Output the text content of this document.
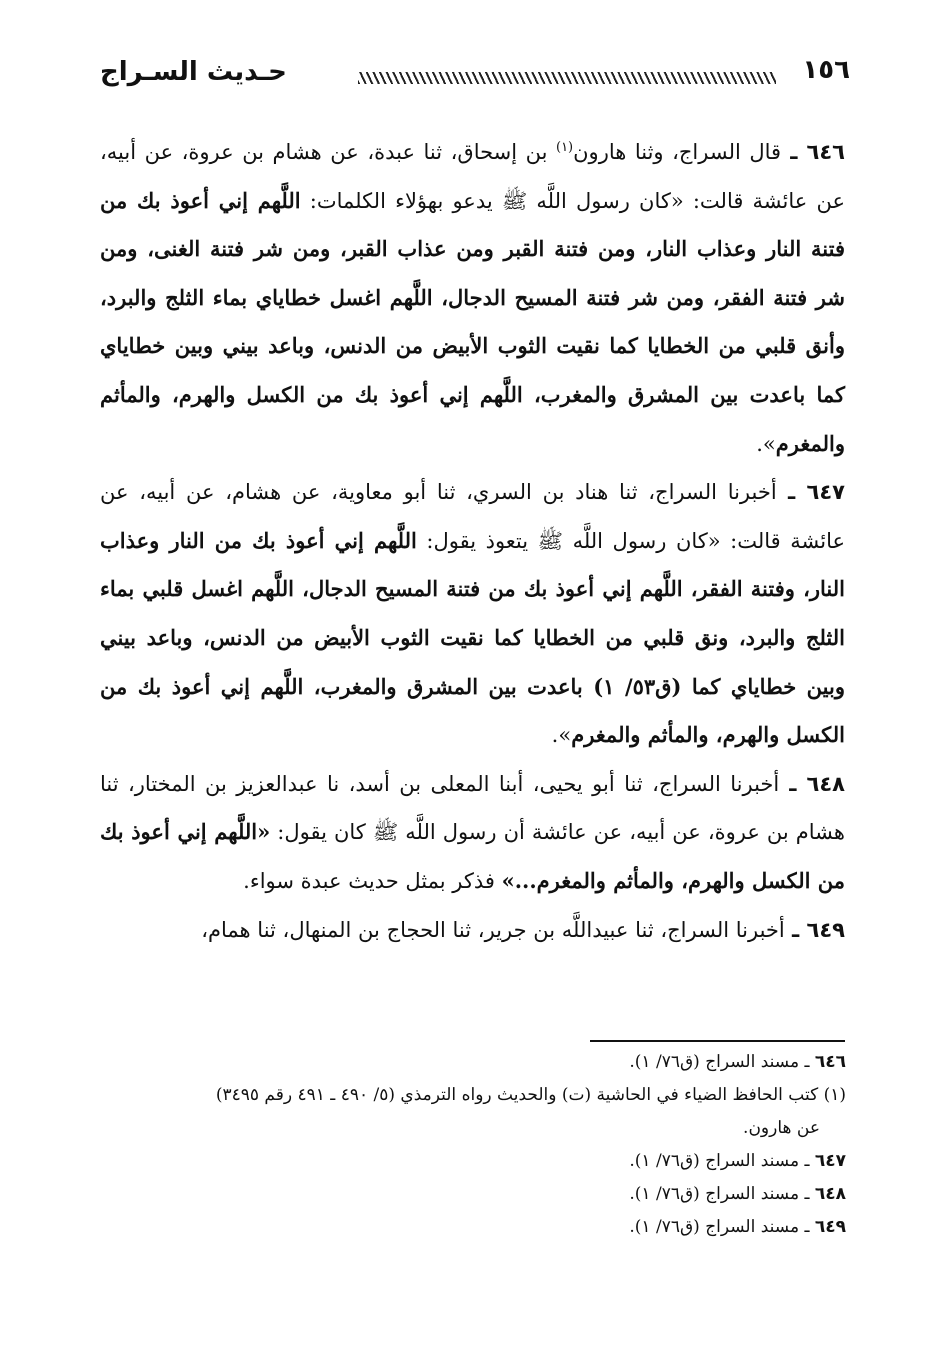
حـديث السـراج	١٥٦

٦٤٦ ـ قال السراج، وثنا هارون$^{(١)}$ بن إسحاق، ثنا عبدة، عن هشام بن عروة، عن أبيه، عن عائشة قالت: «كان رسول اللَّه ﷺ يدعو بهؤلاء الكلمات: اللَّهم إني أعوذ بك من فتنة النار وعذاب النار، ومن فتنة القبر ومن عذاب القبر، ومن شر فتنة الغنى، ومن شر فتنة الفقر، ومن شر فتنة المسيح الدجال، اللَّهم اغسل خطاياي بماء الثلج والبرد، وأنق قلبي من الخطايا كما نقيت الثوب الأبيض من الدنس، وباعد بيني وبين خطاياي كما باعدت بين المشرق والمغرب، اللَّهم إني أعوذ بك من الكسل والهرم، والمأثم والمغرم».

٦٤٧ ـ أخبرنا السراج، ثنا هناد بن السري، ثنا أبو معاوية، عن هشام، عن أبيه، عن عائشة قالت: «كان رسول اللَّه ﷺ يتعوذ يقول: اللَّهم إني أعوذ بك من النار وعذاب النار، وفتنة الفقر، اللَّهم إني أعوذ بك من فتنة المسيح الدجال، اللَّهم اغسل قلبي بماء الثلج والبرد، ونق قلبي من الخطايا كما نقيت الثوب الأبيض من الدنس، وباعد بيني وبين خطاياي كما (ق٥٣/ ١) باعدت بين المشرق والمغرب، اللَّهم إني أعوذ بك من الكسل والهرم، والمأثم والمغرم».

٦٤٨ ـ أخبرنا السراج، ثنا أبو يحيى، أبنا المعلى بن أسد، نا عبدالعزيز بن المختار، ثنا هشام بن عروة، عن أبيه، عن عائشة أن رسول اللَّه ﷺ كان يقول: «اللَّهم إني أعوذ بك من الكسل والهرم، والمأثم والمغرم...» فذكر بمثل حديث عبدة سواء.

٦٤٩ ـ أخبرنا السراج، ثنا عبيداللَّه بن جرير، ثنا الحجاج بن المنهال، ثنا همام،

٦٤٦ ـ مسند السراج (ق٧٦/ ١).
(١) كتب الحافظ الضياء في الحاشية (ت) والحديث رواه الترمذي (٥/ ٤٩٠ ـ ٤٩١ رقم ٣٤٩٥)
عن هارون.
٦٤٧ ـ مسند السراج (ق٧٦/ ١).
٦٤٨ ـ مسند السراج (ق٧٦/ ١).
٦٤٩ ـ مسند السراج (ق٧٦/ ١).
